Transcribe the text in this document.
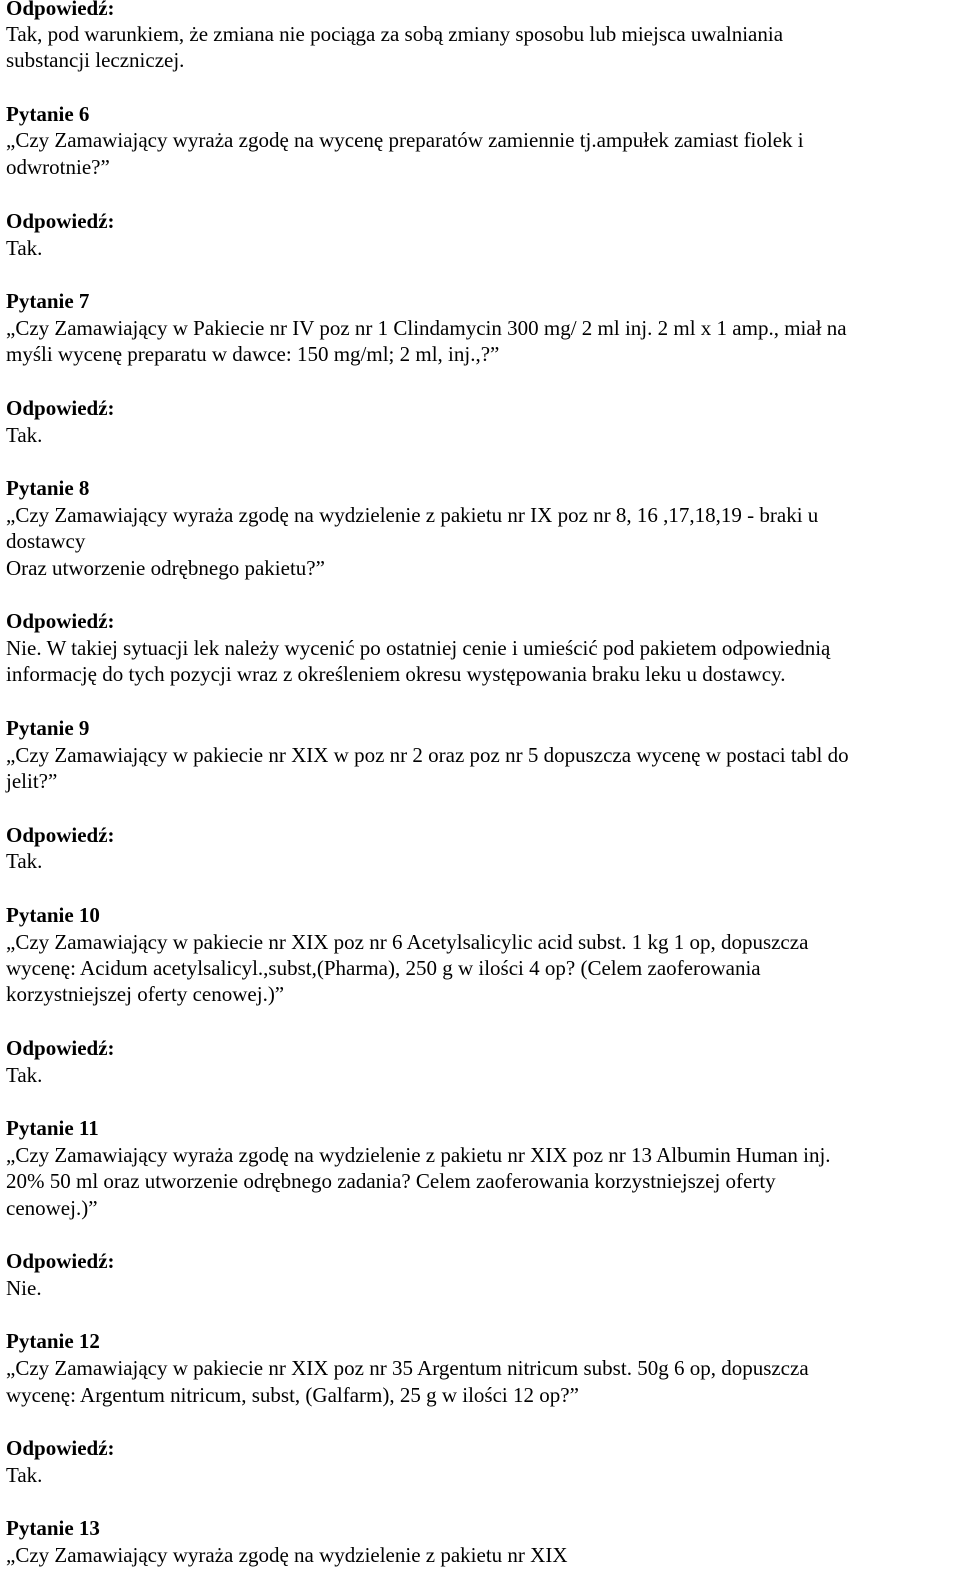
Odpowiedź:
Tak, pod warunkiem, że zmiana nie pociąga za sobą zmiany sposobu lub miejsca uwalniania
substancji leczniczej.
Pytanie 6
„Czy Zamawiający wyraża zgodę na wycenę preparatów zamiennie tj.ampułek zamiast fiolek i
odwrotnie?”
Odpowiedź:
Tak.
Pytanie 7
„Czy Zamawiający w Pakiecie nr IV poz nr 1 Clindamycin 300 mg/ 2 ml inj. 2 ml x 1 amp., miał na
myśli wycenę preparatu w dawce: 150 mg/ml; 2 ml, inj.,?”
Odpowiedź:
Tak.
Pytanie 8
„Czy Zamawiający wyraża zgodę na wydzielenie z pakietu nr IX poz nr 8, 16 ,17,18,19 - braki u
dostawcy
Oraz utworzenie odrębnego pakietu?”
Odpowiedź:
Nie. W takiej sytuacji lek należy wycenić po ostatniej cenie i umieścić pod pakietem odpowiednią
informację do tych pozycji wraz z określeniem okresu występowania braku leku u dostawcy.
Pytanie 9
„Czy Zamawiający w pakiecie nr XIX w poz nr 2 oraz poz nr 5 dopuszcza wycenę w postaci tabl do
jelit?”
Odpowiedź:
Tak.
Pytanie 10
„Czy Zamawiający w pakiecie nr XIX poz nr 6 Acetylsalicylic acid subst. 1 kg 1 op, dopuszcza
wycenę: Acidum acetylsalicyl.,subst,(Pharma), 250 g w ilości 4 op? (Celem zaoferowania
korzystniejszej oferty cenowej.)”
Odpowiedź:
Tak.
Pytanie 11
„Czy Zamawiający wyraża zgodę na wydzielenie z pakietu nr XIX poz nr 13 Albumin Human inj.
20% 50 ml oraz utworzenie odrębnego zadania? Celem zaoferowania korzystniejszej oferty
cenowej.)”
Odpowiedź:
Nie.
Pytanie 12
„Czy Zamawiający w pakiecie nr XIX poz nr 35 Argentum nitricum subst. 50g 6 op, dopuszcza
wycenę: Argentum nitricum, subst, (Galfarm), 25 g w ilości 12 op?”
Odpowiedź:
Tak.
Pytanie 13
„Czy Zamawiający wyraża zgodę na wydzielenie z pakietu nr XIX
